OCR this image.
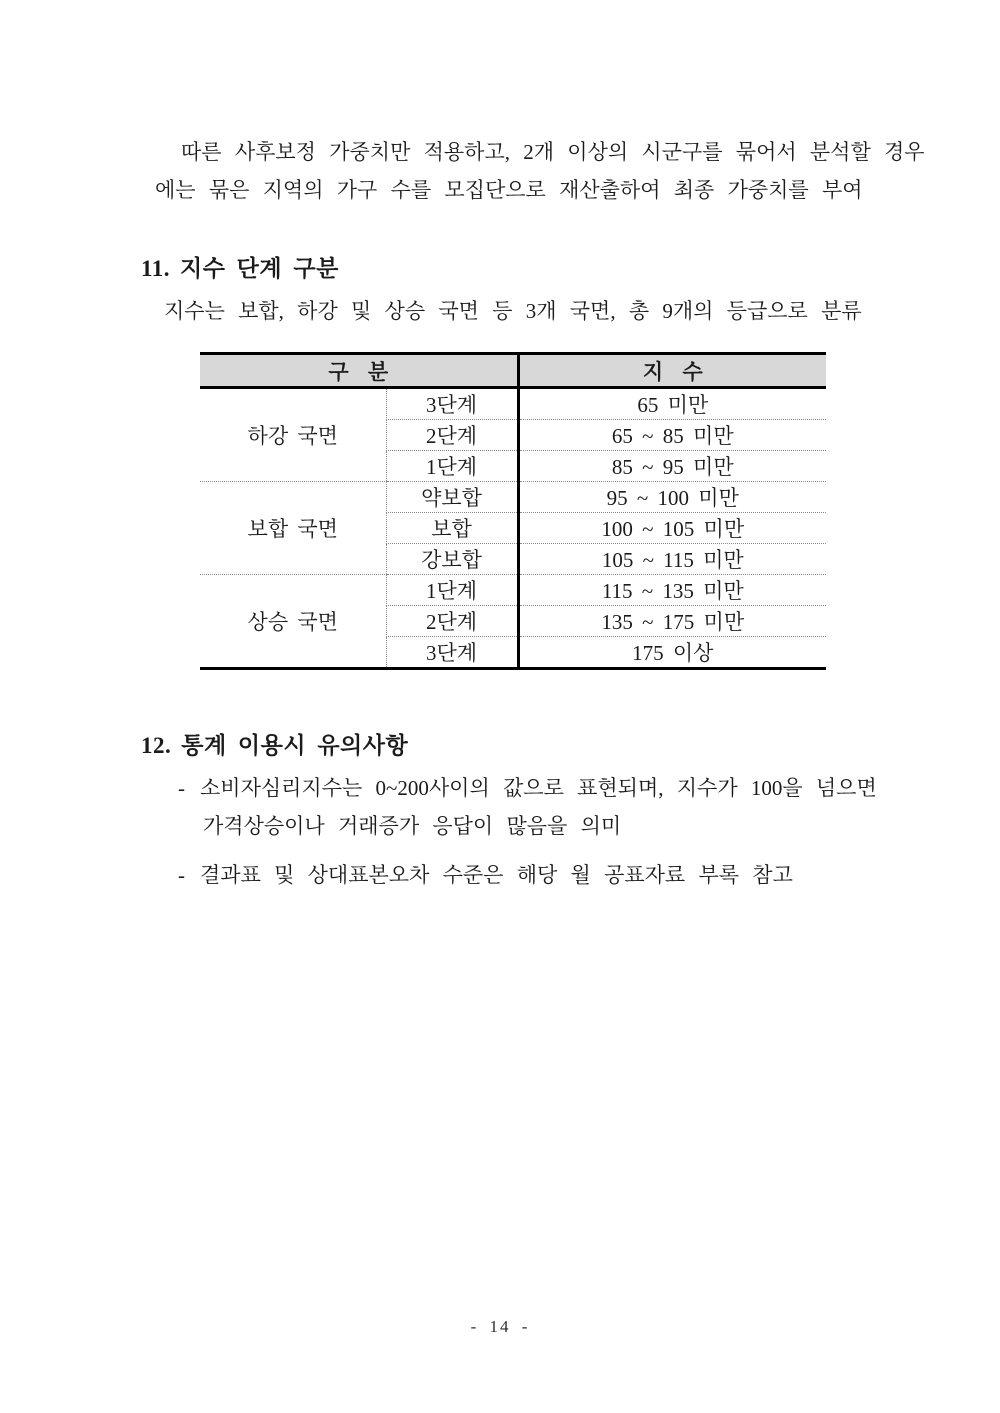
따른 사후보정 가중치만 적용하고, 2개 이상의 시군구를 묶어서 분석할 경우
에는 묶은 지역의 가구 수를 모집단으로 재산출하여 최종 가중치를 부여
11. 지수 단계 구분
지수는 보합, 하강 및 상승 국면 등 3개 국면, 총 9개의 등급으로 분류
구 분		지 수
하강 국면	3단계	65 미만
	2단계	65 ~ 85 미만
	1단계	85 ~ 95 미만
보합 국면	약보합	95 ~ 100 미만
	보합	100 ~ 105 미만
	강보합	105 ~ 115 미만
상승 국면	1단계	115 ~ 135 미만
	2단계	135 ~ 175 미만
	3단계	175 이상
12. 통계 이용시 유의사항
- 소비자심리지수는 0~200사이의 값으로 표현되며, 지수가 100을 넘으면
가격상승이나 거래증가 응답이 많음을 의미
- 결과표 및 상대표본오차 수준은 해당 월 공표자료 부록 참고
- 14 -
